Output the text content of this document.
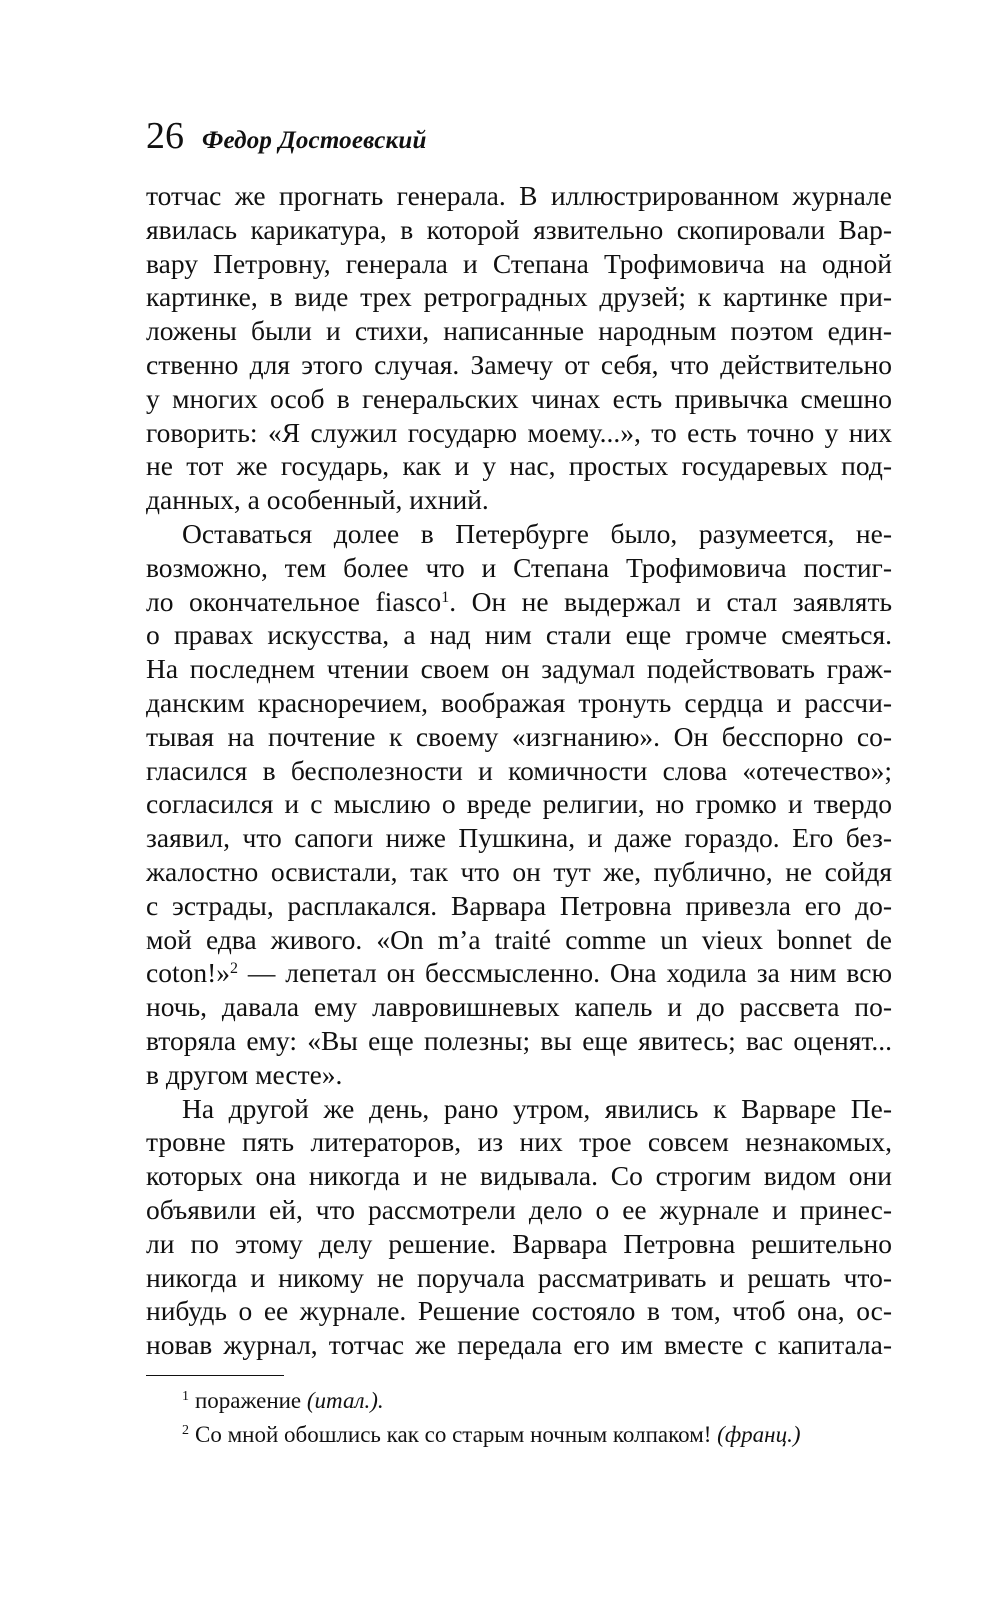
26 Федор Достоевский
тотчас же прогнать генерала. В иллюстрированном журнале
явилась карикатура, в которой язвительно скопировали Вар-
вару Петровну, генерала и Степана Трофимовича на одной
картинке, в виде трех ретроградных друзей; к картинке при-
ложены были и стихи, написанные народным поэтом един-
ственно для этого случая. Замечу от себя, что действительно
у многих особ в генеральских чинах есть привычка смешно
говорить: «Я служил государю моему...», то есть точно у них
не тот же государь, как и у нас, простых государевых под-
данных, а особенный, ихний.
Оставаться долее в Петербурге было, разумеется, не-
возможно, тем более что и Степана Трофимовича постиг-
ло окончательное fiasco$^1$. Он не выдержал и стал заявлять
о правах искусства, а над ним стали еще громче смеяться.
На последнем чтении своем он задумал подействовать граж-
данским красноречием, воображая тронуть сердца и рассчи-
тывая на почтение к своему «изгнанию». Он бесспорно со-
гласился в бесполезности и комичности слова «отечество»;
согласился и с мыслию о вреде религии, но громко и твердо
заявил, что сапоги ниже Пушкина, и даже гораздо. Его без-
жалостно освистали, так что он тут же, публично, не сойдя
с эстрады, расплакался. Варвара Петровна привезла его до-
мой едва живого. «On m’a traité comme un vieux bonnet de
coton!»$^2$ — лепетал он бессмысленно. Она ходила за ним всю
ночь, давала ему лавровишневых капель и до рассвета по-
вторяла ему: «Вы еще полезны; вы еще явитесь; вас оценят...
в другом месте».
На другой же день, рано утром, явились к Варваре Пе-
тровне пять литераторов, из них трое совсем незнакомых,
которых она никогда и не видывала. Со строгим видом они
объявили ей, что рассмотрели дело о ее журнале и принес-
ли по этому делу решение. Варвара Петровна решительно
никогда и никому не поручала рассматривать и решать что-
нибудь о ее журнале. Решение состояло в том, чтоб она, ос-
новав журнал, тотчас же передала его им вместе с капитала-
$^1$ поражение (итал.).
$^2$ Со мной обошлись как со старым ночным колпаком! (франц.)
